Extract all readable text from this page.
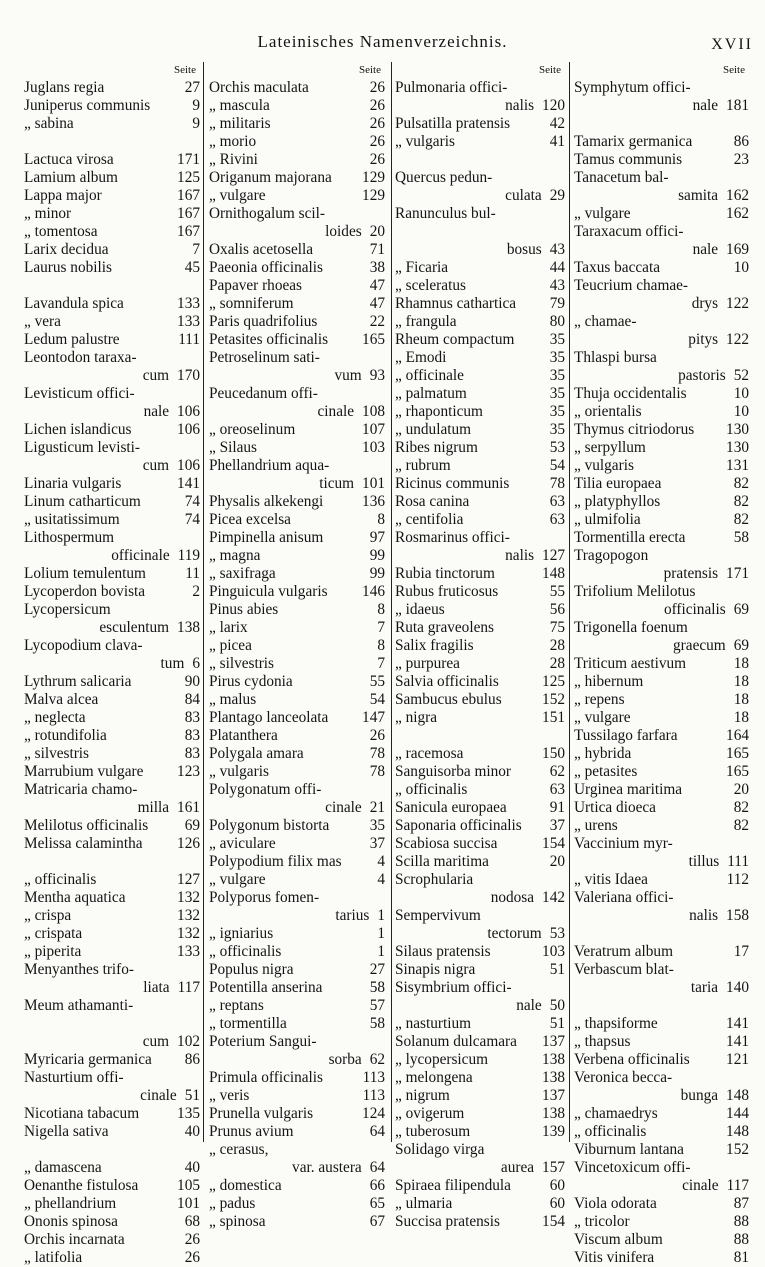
Lateinisches Namenverzeichnis.	XVII
Seite
Juglans regia	27
Juniperus communis	9
„ sabina	9
Lactuca virosa	171
Lamium album	125
Lappa major	167
„ minor	167
„ tomentosa	167
Larix decidua	7
Laurus nobilis	45
Lavandula spica	133
„ vera	133
Ledum palustre	111
Leontodon taraxa-
cum 170
Levisticum offici-
nale 106
Lichen islandicus	106
Ligusticum levisti-
cum 106
Linaria vulgaris	141
Linum catharticum	74
„ usitatissimum	74
Lithospermum
officinale 119
Lolium temulentum	11
Lycoperdon bovista	2
Lycopersicum
esculentum 138
Lycopodium clava-
tum 6
Lythrum salicaria	90
Malva alcea	84
„ neglecta	83
„ rotundifolia	83
„ silvestris	83
Marrubium vulgare	123
Matricaria chamo-
milla 161
Melilotus officinalis	69
Melissa calamintha	126
„ officinalis	127
Mentha aquatica	132
„ crispa	132
„ crispata	132
„ piperita	133
Menyanthes trifo-
liata 117
Meum athamanti-
cum 102
Myricaria germanica	86
Nasturtium offi-
cinale 51
Nicotiana tabacum	135
Nigella sativa	40
„ damascena	40
Oenanthe fistulosa	105
„ phellandrium	101
Ononis spinosa	68
Orchis incarnata	26
„ latifolia	26
Seite
Orchis maculata	26
„ mascula	26
„ militaris	26
„ morio	26
„ Rivini	26
Origanum majorana	129
„ vulgare	129
Ornithogalum scil-
loides 20
Oxalis acetosella	71
Paeonia officinalis	38
Papaver rhoeas	47
„ somniferum	47
Paris quadrifolius	22
Petasites officinalis	165
Petroselinum sati-
vum 93
Peucedanum offi-
cinale 108
„ oreoselinum	107
„ Silaus	103
Phellandrium aqua-
ticum 101
Physalis alkekengi	136
Picea excelsa	8
Pimpinella anisum	97
„ magna	99
„ saxifraga	99
Pinguicula vulgaris	146
Pinus abies	8
„ larix	7
„ picea	8
„ silvestris	7
Pirus cydonia	55
„ malus	54
Plantago lanceolata	147
Platanthera	26
Polygala amara	78
„ vulgaris	78
Polygonatum offi-
cinale 21
Polygonum bistorta	35
„ aviculare	37
Polypodium filix mas	4
„ vulgare	4
Polyporus fomen-
tarius 1
„ igniarius	1
„ officinalis	1
Populus nigra	27
Potentilla anserina	58
„ reptans	57
„ tormentilla	58
Poterium Sangui-
sorba 62
Primula officinalis	113
„ veris	113
Prunella vulgaris	124
Prunus avium	64
„ cerasus,
var. austera 64
„ domestica	66
„ padus	65
„ spinosa	67
Seite
Pulmonaria offici-
nalis 120
Pulsatilla pratensis	42
„ vulgaris	41
Quercus pedun-
culata 29
Ranunculus bul-
bosus 43
„ Ficaria	44
„ sceleratus	43
Rhamnus cathartica	79
„ frangula	80
Rheum compactum	35
„ Emodi	35
„ officinale	35
„ palmatum	35
„ rhaponticum	35
„ undulatum	35
Ribes nigrum	53
„ rubrum	54
Ricinus communis	78
Rosa canina	63
„ centifolia	63
Rosmarinus offici-
nalis 127
Rubia tinctorum	148
Rubus fruticosus	55
„ idaeus	56
Ruta graveolens	75
Salix fragilis	28
„ purpurea	28
Salvia officinalis	125
Sambucus ebulus	152
„ nigra	151
„ racemosa	150
Sanguisorba minor	62
„ officinalis	63
Sanicula europaea	91
Saponaria officinalis	37
Scabiosa succisa	154
Scilla maritima	20
Scrophularia
nodosa 142
Sempervivum
tectorum 53
Silaus pratensis	103
Sinapis nigra	51
Sisymbrium offici-
nale 50
„ nasturtium	51
Solanum dulcamara	137
„ lycopersicum	138
„ melongena	138
„ nigrum	137
„ ovigerum	138
„ tuberosum	139
Solidago virga
aurea 157
Spiraea filipendula	60
„ ulmaria	60
Succisa pratensis	154
Seite
Symphytum offici-
nale 181
Tamarix germanica	86
Tamus communis	23
Tanacetum bal-
samita 162
„ vulgare	162
Taraxacum offici-
nale 169
Taxus baccata	10
Teucrium chamae-
drys 122
„ chamae-
pitys 122
Thlaspi bursa
pastoris 52
Thuja occidentalis	10
„ orientalis	10
Thymus citriodorus	130
„ serpyllum	130
„ vulgaris	131
Tilia europaea	82
„ platyphyllos	82
„ ulmifolia	82
Tormentilla erecta	58
Tragopogon
pratensis 171
Trifolium Melilotus
officinalis 69
Trigonella foenum
graecum 69
Triticum aestivum	18
„ hibernum	18
„ repens	18
„ vulgare	18
Tussilago farfara	164
„ hybrida	165
„ petasites	165
Urginea maritima	20
Urtica dioeca	82
„ urens	82
Vaccinium myr-
tillus 111
„ vitis Idaea	112
Valeriana offici-
nalis 158
Veratrum album	17
Verbascum blat-
taria 140
„ thapsiforme	141
„ thapsus	141
Verbena officinalis	121
Veronica becca-
bunga 148
„ chamaedrys	144
„ officinalis	148
Viburnum lantana	152
Vincetoxicum offi-
cinale 117
Viola odorata	87
„ tricolor	88
Viscum album	88
Vitis vinifera	81
